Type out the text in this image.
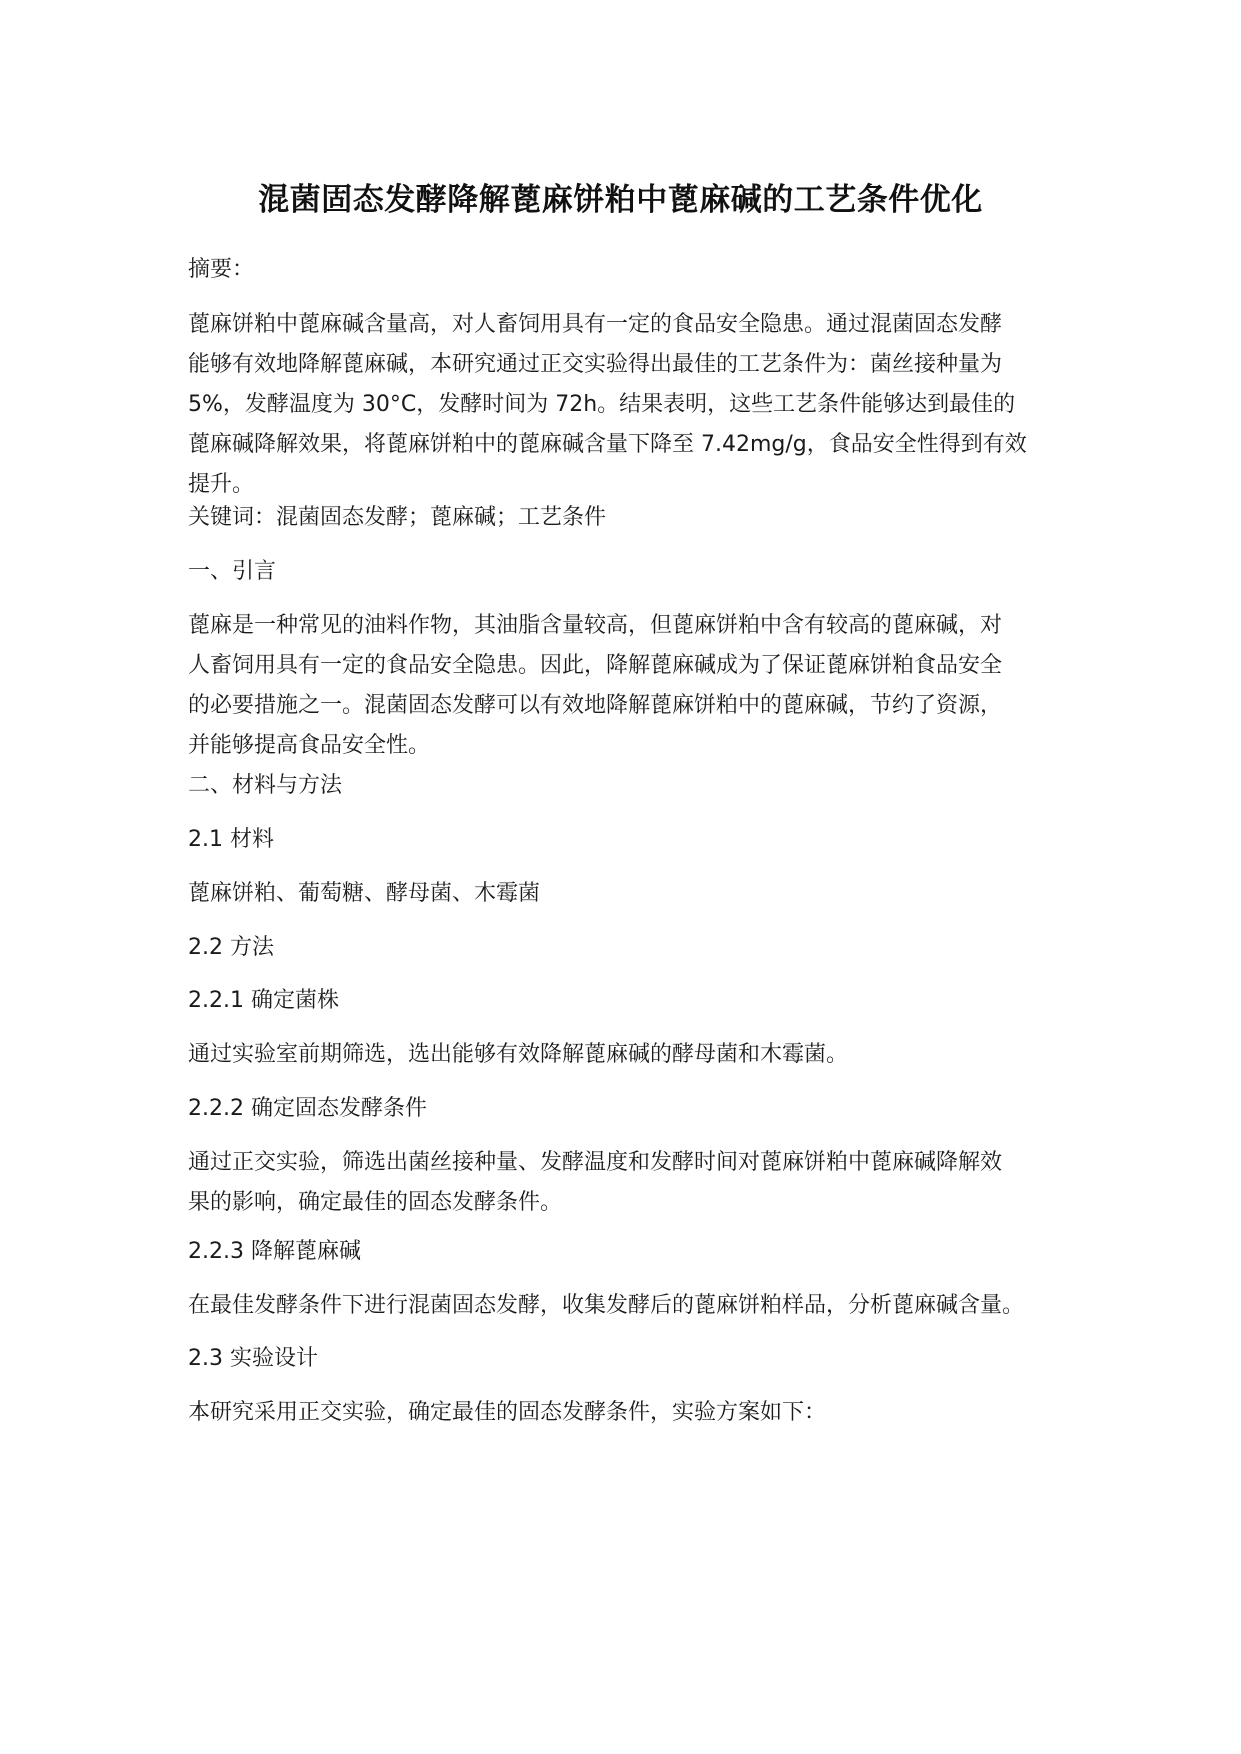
混菌固态发酵降解蓖麻饼粕中蓖麻碱的工艺条件优化

摘要：

蓖麻饼粕中蓖麻碱含量高，对人畜饲用具有一定的食品安全隐患。通过混菌固态发酵
能够有效地降解蓖麻碱，本研究通过正交实验得出最佳的工艺条件为：菌丝接种量为
5%，发酵温度为 30°C，发酵时间为 72h。结果表明，这些工艺条件能够达到最佳的
蓖麻碱降解效果，将蓖麻饼粕中的蓖麻碱含量下降至 7.42mg/g，食品安全性得到有效
提升。

关键词：混菌固态发酵；蓖麻碱；工艺条件

一、引言

蓖麻是一种常见的油料作物，其油脂含量较高，但蓖麻饼粕中含有较高的蓖麻碱，对
人畜饲用具有一定的食品安全隐患。因此，降解蓖麻碱成为了保证蓖麻饼粕食品安全
的必要措施之一。混菌固态发酵可以有效地降解蓖麻饼粕中的蓖麻碱，节约了资源，
并能够提高食品安全性。

二、材料与方法

2.1 材料

蓖麻饼粕、葡萄糖、酵母菌、木霉菌

2.2 方法

2.2.1 确定菌株

通过实验室前期筛选，选出能够有效降解蓖麻碱的酵母菌和木霉菌。

2.2.2 确定固态发酵条件

通过正交实验，筛选出菌丝接种量、发酵温度和发酵时间对蓖麻饼粕中蓖麻碱降解效
果的影响，确定最佳的固态发酵条件。

2.2.3 降解蓖麻碱

在最佳发酵条件下进行混菌固态发酵，收集发酵后的蓖麻饼粕样品，分析蓖麻碱含量。

2.3 实验设计

本研究采用正交实验，确定最佳的固态发酵条件，实验方案如下：
